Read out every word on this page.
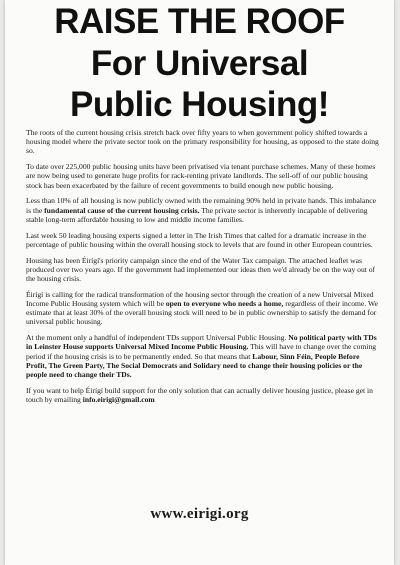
RAISE THE ROOF
For Universal
Public Housing!

The roots of the current housing crisis stretch back over fifty years to when government policy shifted towards a housing model where the private sector took on the primary responsibility for housing, as opposed to the state doing so.

To date over 225,000 public housing units have been privatised via tenant purchase schemes. Many of these homes are now being used to generate huge profits for rack-renting private landlords. The sell-off of our public housing stock has been exacerbated by the failure of recent governments to build enough new public housing.

Less than 10% of all housing is now publicly owned with the remaining 90% held in private hands. This imbalance is the fundamental cause of the current housing crisis. The private sector is inherently incapable of delivering stable long-term affordable housing to low and middle income families.

Last week 50 leading housing experts signed a letter in The Irish Times that called for a dramatic increase in the percentage of public housing within the overall housing stock to levels that are found in other European countries.

Housing has been Éirígí's priority campaign since the end of the Water Tax campaign. The attached leaflet was produced over two years ago. If the government had implemented our ideas then we'd already be on the way out of the housing crisis.

Éirígí is calling for the radical transformation of the housing sector through the creation of a new Universal Mixed Income Public Housing system which will be open to everyone who needs a home, regardless of their income. We estimate that at least 30% of the overall housing stock will need to be in public ownership to satisfy the demand for universal public housing.

At the moment only a handful of independent TDs support Universal Public Housing. No political party with TDs in Leinster House supports Universal Mixed Income Public Housing. This will have to change over the coming period if the housing crisis is to be permanently ended. So that means that Labour, Sinn Féin, People Before Profit, The Green Party, The Social Democrats and Solidary need to change their housing policies or the people need to change their TDs.

If you want to help Éirígí build support for the only solution that can actually deliver housing justice, please get in touch by emailing info.eirigi@gmail.com

www.eirigi.org
